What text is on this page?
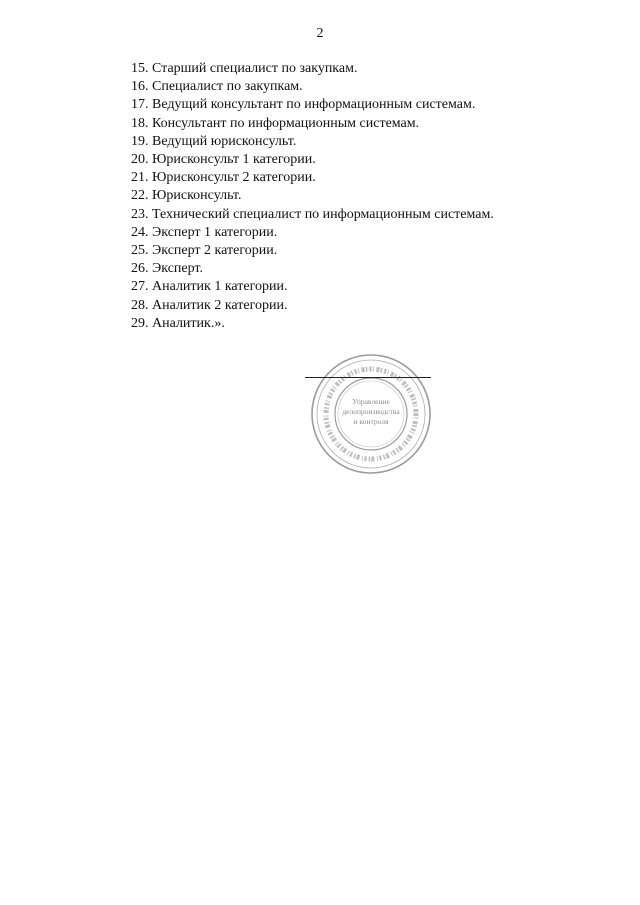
2
15. Старший специалист по закупкам.
16. Специалист по закупкам.
17. Ведущий консультант по информационным системам.
18. Консультант по информационным системам.
19. Ведущий юрисконсульт.
20. Юрисконсульт 1 категории.
21. Юрисконсульт 2 категории.
22. Юрисконсульт.
23. Технический специалист по информационным системам.
24. Эксперт 1 категории.
25. Эксперт 2 категории.
26. Эксперт.
27. Аналитик 1 категории.
28. Аналитик 2 категории.
29. Аналитик.».
Управление
делопроизводства
и контроля
